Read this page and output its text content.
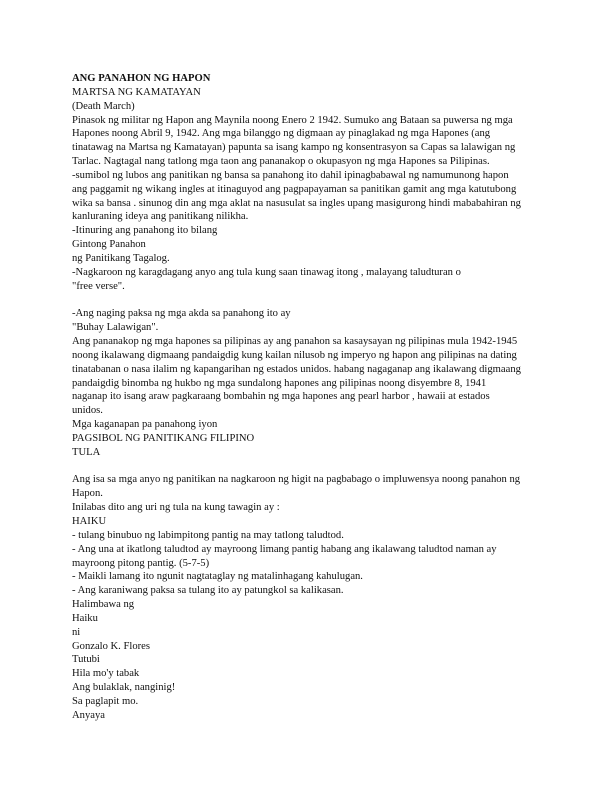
ANG PANAHON NG HAPON
MARTSA NG KAMATAYAN
(Death March)
Pinasok ng militar ng Hapon ang Maynila noong Enero 2 1942. Sumuko ang Bataan sa puwersa ng mga
Hapones noong Abril 9, 1942. Ang mga bilanggo ng digmaan ay pinaglakad ng mga Hapones (ang
tinatawag na Martsa ng Kamatayan) papunta sa isang kampo ng konsentrasyon sa Capas sa lalawigan ng
Tarlac. Nagtagal nang tatlong mga taon ang pananakop o okupasyon ng mga Hapones sa Pilipinas.
-sumibol ng lubos ang panitikan ng bansa sa panahong ito dahil ipinagbabawal ng namumunong hapon
ang paggamit ng wikang ingles at itinaguyod ang pagpapayaman sa panitikan gamit ang mga katutubong
wika sa bansa . sinunog din ang mga aklat na nasusulat sa ingles upang masigurong hindi mababahiran ng
kanluraning ideya ang panitikang nilikha.
-Itinuring ang panahong ito bilang
Gintong Panahon
ng Panitikang Tagalog.
-Nagkaroon ng karagdagang anyo ang tula kung saan tinawag itong , malayang taludturan o
"free verse".
-Ang naging paksa ng mga akda sa panahong ito ay
"Buhay Lalawigan".
Ang pananakop ng mga hapones sa pilipinas ay ang panahon sa kasaysayan ng pilipinas mula 1942-1945
noong ikalawang digmaang pandaigdig kung kailan nilusob ng imperyo ng hapon ang pilipinas na dating
tinatabanan o nasa ilalim ng kapangarihan ng estados unidos. habang nagaganap ang ikalawang digmaang
pandaigdig binomba ng hukbo ng mga sundalong hapones ang pilipinas noong disyembre 8, 1941
naganap ito isang araw pagkaraang bombahin ng mga hapones ang pearl harbor , hawaii at estados
unidos.
Mga kaganapan pa panahong iyon
PAGSIBOL NG PANITIKANG FILIPINO
TULA
Ang isa sa mga anyo ng panitikan na nagkaroon ng higit na pagbabago o impluwensya noong panahon ng
Hapon.
Inilabas dito ang uri ng tula na kung tawagin ay :
HAIKU
- tulang binubuo ng labimpitong pantig na may tatlong taludtod.
- Ang una at ikatlong taludtod ay mayroong limang pantig habang ang ikalawang taludtod naman ay
mayroong pitong pantig. (5-7-5)
- Maikli lamang ito ngunit nagtataglay ng matalinhagang kahulugan.
- Ang karaniwang paksa sa tulang ito ay patungkol sa kalikasan.
Halimbawa ng
Haiku
ni
Gonzalo K. Flores
Tutubi
Hila mo'y tabak
Ang bulaklak, nanginig!
Sa paglapit mo.
Anyaya
